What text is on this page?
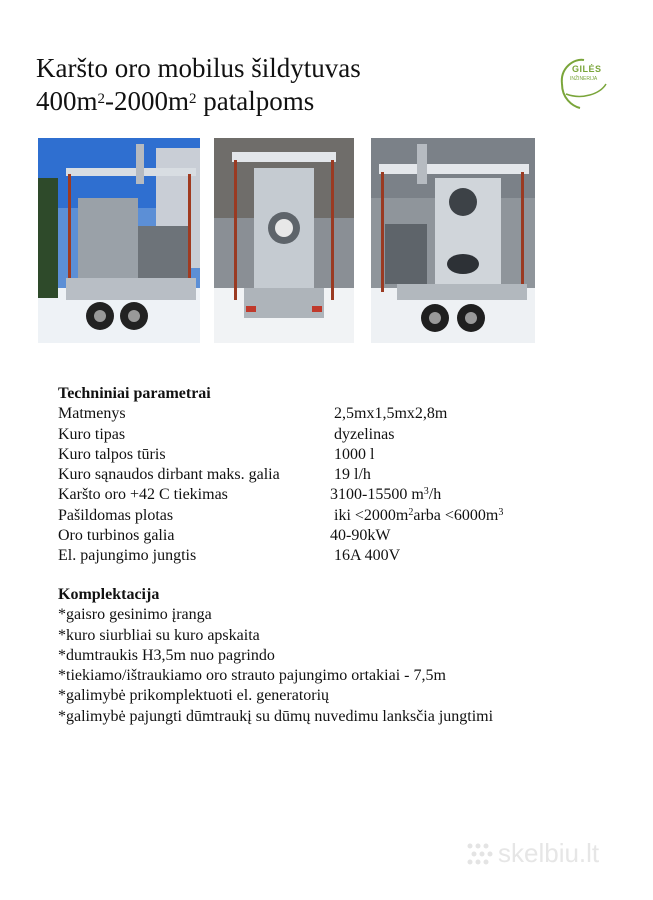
Karšto oro mobilus šildytuvas
$400m^2-2000m^2$ patalpoms
GILĖS
INŽINERIJA
Techniniai parametrai
Matmenys	2,5mx1,5mx2,8m
Kuro tipas	dyzelinas
Kuro talpos tūris	1000 l
Kuro sąnaudos dirbant maks. galia	19 l/h
Karšto oro +42 C tiekimas	3100-15500 $m^3/h$
Pašildomas plotas	iki $<2000m^2arba <6000m^3$
Oro turbinos galia	40-90kW
El. pajungimo jungtis	16A 400V
Komplektacija
*gaisro gesinimo įranga
*kuro siurbliai su kuro apskaita
*dumtraukis H3,5m nuo pagrindo
*tiekiamo/ištraukiamo oro strauto pajungimo ortakiai - 7,5m
*galimybė prikomplektuoti el. generatorių
*galimybė pajungti dūmtraukį su dūmų nuvedimu lanksčia jungtimi
skelbiu.lt
